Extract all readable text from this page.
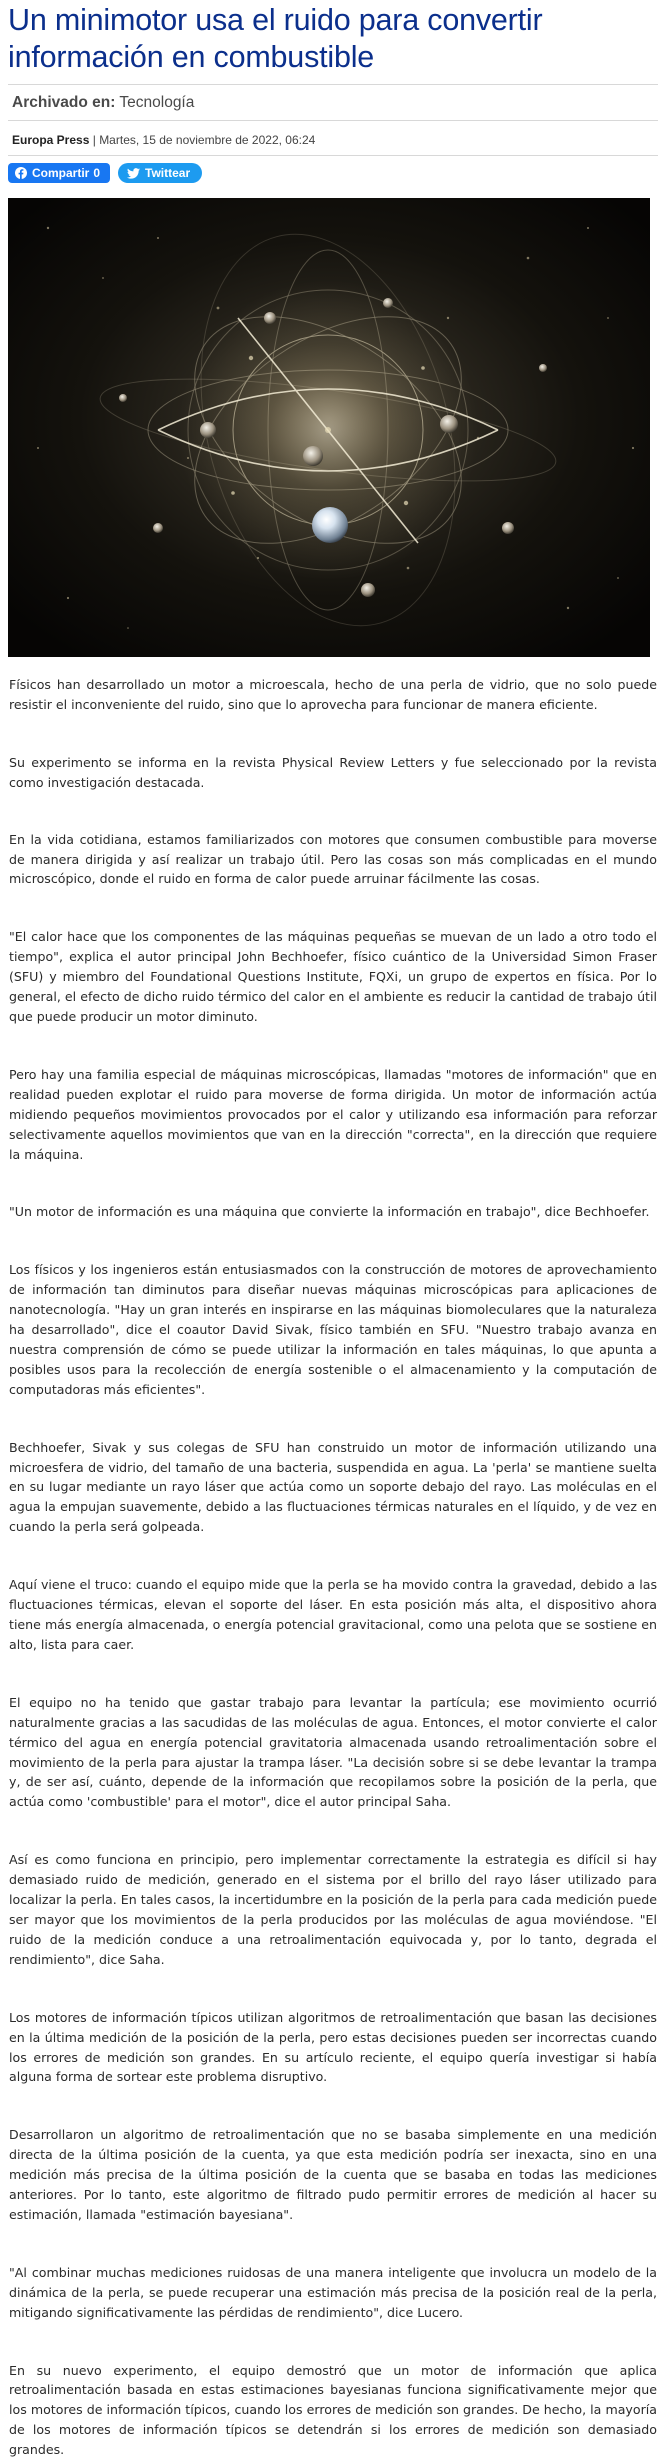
Un minimotor usa el ruido para convertir información en combustible
Archivado en: Tecnología
Europa Press | Martes, 15 de noviembre de 2022, 06:24
Compartir 0	Twittear

Físicos han desarrollado un motor a microescala, hecho de una perla de vidrio, que no solo puede resistir el inconveniente del ruido, sino que lo aprovecha para funcionar de manera eficiente.

Su experimento se informa en la revista Physical Review Letters y fue seleccionado por la revista como investigación destacada.

En la vida cotidiana, estamos familiarizados con motores que consumen combustible para moverse de manera dirigida y así realizar un trabajo útil. Pero las cosas son más complicadas en el mundo microscópico, donde el ruido en forma de calor puede arruinar fácilmente las cosas.

"El calor hace que los componentes de las máquinas pequeñas se muevan de un lado a otro todo el tiempo", explica el autor principal John Bechhoefer, físico cuántico de la Universidad Simon Fraser (SFU) y miembro del Foundational Questions Institute, FQXi, un grupo de expertos en física. Por lo general, el efecto de dicho ruido térmico del calor en el ambiente es reducir la cantidad de trabajo útil que puede producir un motor diminuto.

Pero hay una familia especial de máquinas microscópicas, llamadas "motores de información" que en realidad pueden explotar el ruido para moverse de forma dirigida. Un motor de información actúa midiendo pequeños movimientos provocados por el calor y utilizando esa información para reforzar selectivamente aquellos movimientos que van en la dirección "correcta", en la dirección que requiere la máquina.

"Un motor de información es una máquina que convierte la información en trabajo", dice Bechhoefer.

Los físicos y los ingenieros están entusiasmados con la construcción de motores de aprovechamiento de información tan diminutos para diseñar nuevas máquinas microscópicas para aplicaciones de nanotecnología. "Hay un gran interés en inspirarse en las máquinas biomoleculares que la naturaleza ha desarrollado", dice el coautor David Sivak, físico también en SFU. "Nuestro trabajo avanza en nuestra comprensión de cómo se puede utilizar la información en tales máquinas, lo que apunta a posibles usos para la recolección de energía sostenible o el almacenamiento y la computación de computadoras más eficientes".

Bechhoefer, Sivak y sus colegas de SFU han construido un motor de información utilizando una microesfera de vidrio, del tamaño de una bacteria, suspendida en agua. La 'perla' se mantiene suelta en su lugar mediante un rayo láser que actúa como un soporte debajo del rayo. Las moléculas en el agua la empujan suavemente, debido a las fluctuaciones térmicas naturales en el líquido, y de vez en cuando la perla será golpeada.

Aquí viene el truco: cuando el equipo mide que la perla se ha movido contra la gravedad, debido a las fluctuaciones térmicas, elevan el soporte del láser. En esta posición más alta, el dispositivo ahora tiene más energía almacenada, o energía potencial gravitacional, como una pelota que se sostiene en alto, lista para caer.

El equipo no ha tenido que gastar trabajo para levantar la partícula; ese movimiento ocurrió naturalmente gracias a las sacudidas de las moléculas de agua. Entonces, el motor convierte el calor térmico del agua en energía potencial gravitatoria almacenada usando retroalimentación sobre el movimiento de la perla para ajustar la trampa láser. "La decisión sobre si se debe levantar la trampa y, de ser así, cuánto, depende de la información que recopilamos sobre la posición de la perla, que actúa como 'combustible' para el motor", dice el autor principal Saha.

Así es como funciona en principio, pero implementar correctamente la estrategia es difícil si hay demasiado ruido de medición, generado en el sistema por el brillo del rayo láser utilizado para localizar la perla. En tales casos, la incertidumbre en la posición de la perla para cada medición puede ser mayor que los movimientos de la perla producidos por las moléculas de agua moviéndose. "El ruido de la medición conduce a una retroalimentación equivocada y, por lo tanto, degrada el rendimiento", dice Saha.

Los motores de información típicos utilizan algoritmos de retroalimentación que basan las decisiones en la última medición de la posición de la perla, pero estas decisiones pueden ser incorrectas cuando los errores de medición son grandes. En su artículo reciente, el equipo quería investigar si había alguna forma de sortear este problema disruptivo.

Desarrollaron un algoritmo de retroalimentación que no se basaba simplemente en una medición directa de la última posición de la cuenta, ya que esta medición podría ser inexacta, sino en una medición más precisa de la última posición de la cuenta que se basaba en todas las mediciones anteriores. Por lo tanto, este algoritmo de filtrado pudo permitir errores de medición al hacer su estimación, llamada "estimación bayesiana".

"Al combinar muchas mediciones ruidosas de una manera inteligente que involucra un modelo de la dinámica de la perla, se puede recuperar una estimación más precisa de la posición real de la perla, mitigando significativamente las pérdidas de rendimiento", dice Lucero.

En su nuevo experimento, el equipo demostró que un motor de información que aplica retroalimentación basada en estas estimaciones bayesianas funciona significativamente mejor que los motores de información típicos, cuando los errores de medición son grandes. De hecho, la mayoría de los motores de información típicos se detendrán si los errores de medición son demasiado grandes.
